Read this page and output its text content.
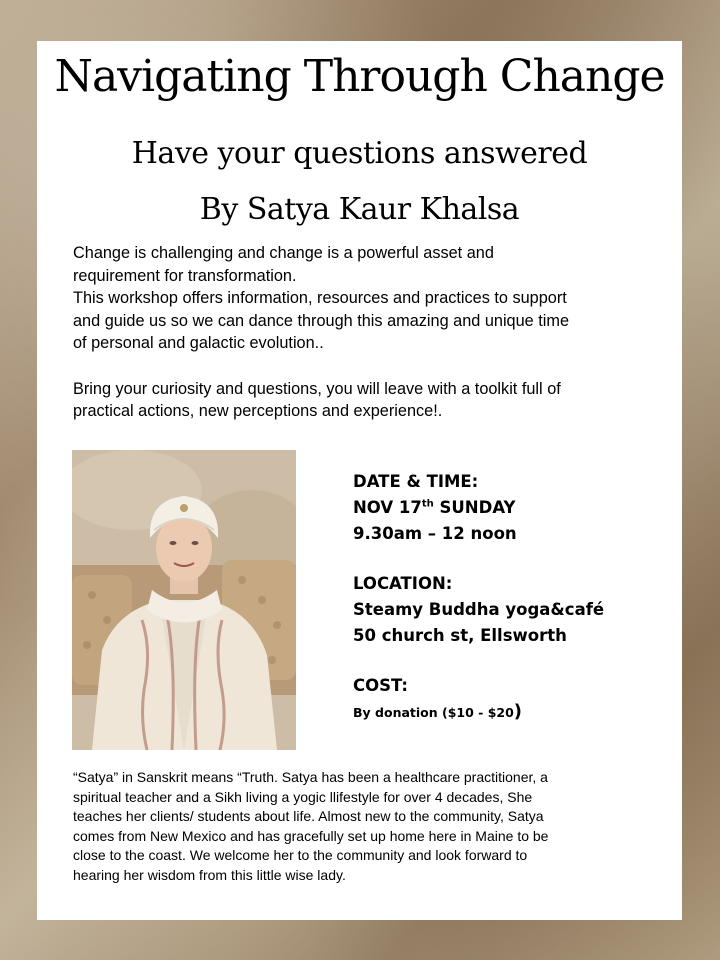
Navigating Through Change
Have your questions answered
By Satya Kaur Khalsa

Change is challenging and change is a powerful asset and

requirement for transformation.

This workshop offers information, resources and practices to support

and guide us so we can dance through this amazing and unique time

of personal and galactic evolution..

Bring your curiosity and questions, you will leave with a toolkit full of

practical actions, new perceptions and experience!.

DATE & TIME:
NOV 17th SUNDAY
9.30am – 12 noon
LOCATION:
Steamy Buddha yoga&café
50 church st, Ellsworth
COST:
By donation ($10 - $20)
“Satya” in Sanskrit means “Truth. Satya has been a healthcare practitioner, a
spiritual teacher and a Sikh living a yogic llifestyle for over 4 decades, She
teaches her clients/ students about life. Almost new to the community, Satya
comes from New Mexico and has gracefully set up home here in Maine to be
close to the coast. We welcome her to the community and look forward to
hearing her wisdom from this little wise lady.
